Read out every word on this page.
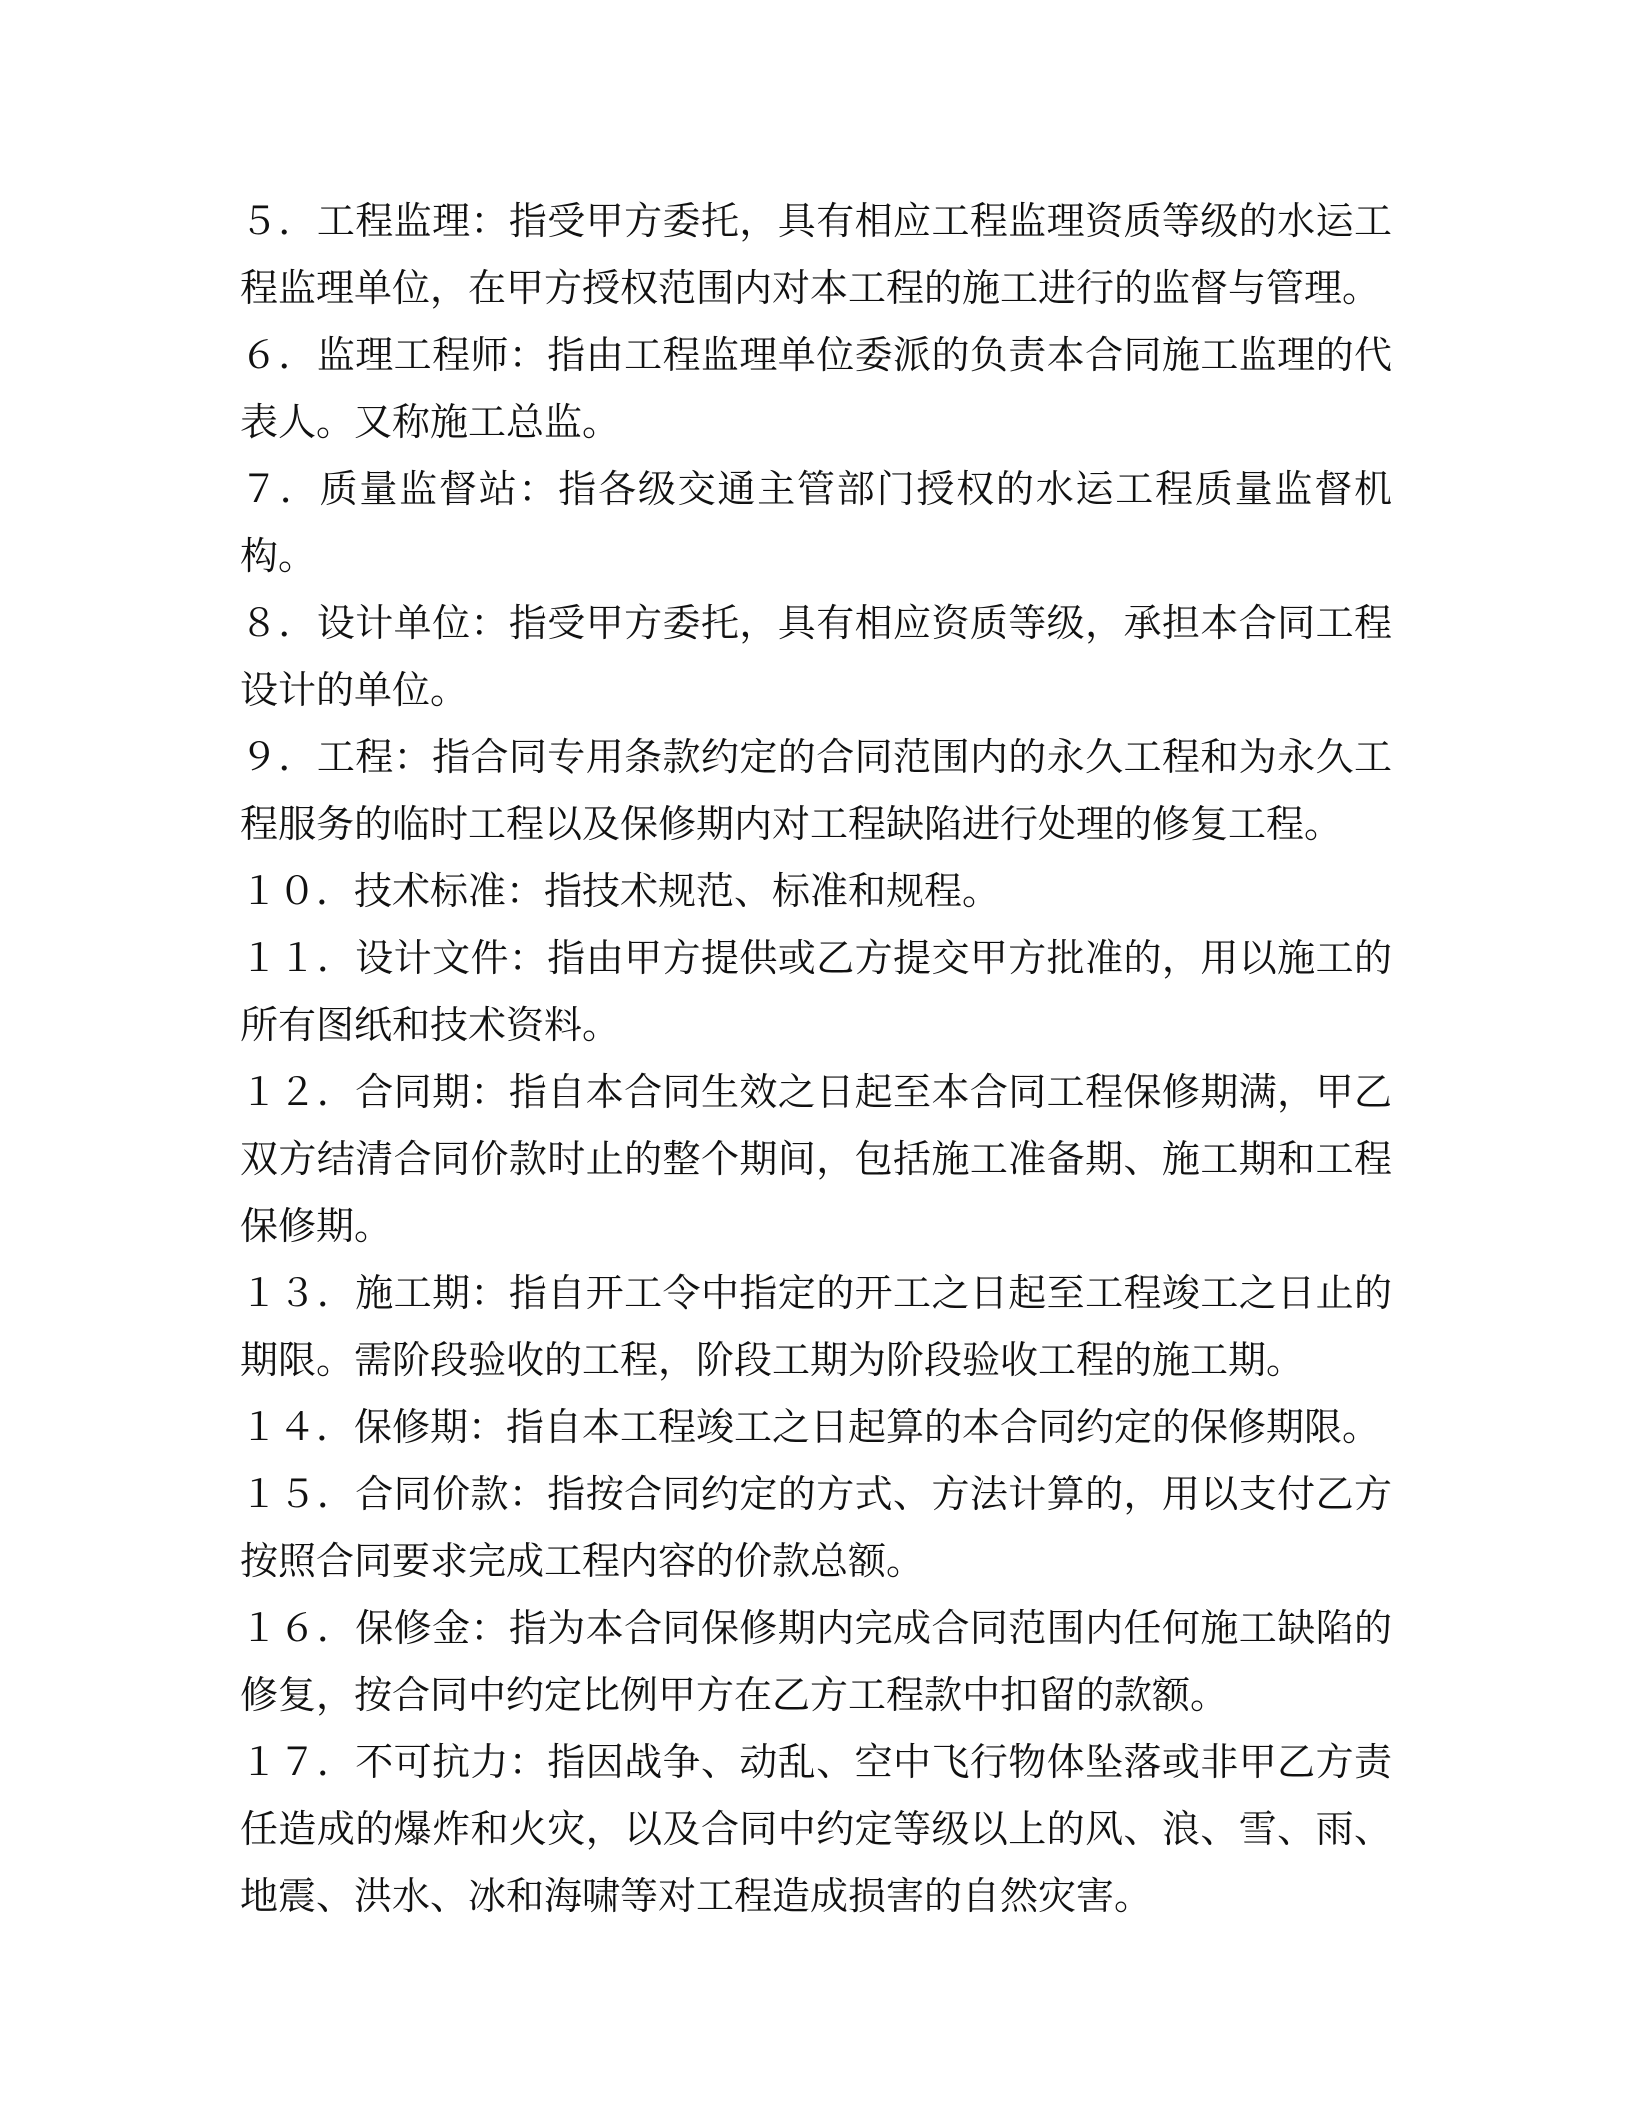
５．工程监理：指受甲方委托，具有相应工程监理资质等级的水运工程监理单位，在甲方授权范围内对本工程的施工进行的监督与管理。

６．监理工程师：指由工程监理单位委派的负责本合同施工监理的代表人。又称施工总监。

７．质量监督站：指各级交通主管部门授权的水运工程质量监督机构。

８．设计单位：指受甲方委托，具有相应资质等级，承担本合同工程设计的单位。

９．工程：指合同专用条款约定的合同范围内的永久工程和为永久工程服务的临时工程以及保修期内对工程缺陷进行处理的修复工程。

１０．技术标准：指技术规范、标准和规程。

１１．设计文件：指由甲方提供或乙方提交甲方批准的，用以施工的所有图纸和技术资料。

１２．合同期：指自本合同生效之日起至本合同工程保修期满，甲乙双方结清合同价款时止的整个期间，包括施工准备期、施工期和工程保修期。

１３．施工期：指自开工令中指定的开工之日起至工程竣工之日止的期限。需阶段验收的工程，阶段工期为阶段验收工程的施工期。

１４．保修期：指自本工程竣工之日起算的本合同约定的保修期限。

１５．合同价款：指按合同约定的方式、方法计算的，用以支付乙方按照合同要求完成工程内容的价款总额。

１６．保修金：指为本合同保修期内完成合同范围内任何施工缺陷的修复，按合同中约定比例甲方在乙方工程款中扣留的款额。

１７．不可抗力：指因战争、动乱、空中飞行物体坠落或非甲乙方责任造成的爆炸和火灾，以及合同中约定等级以上的风、浪、雪、雨、地震、洪水、冰和海啸等对工程造成损害的自然灾害。
